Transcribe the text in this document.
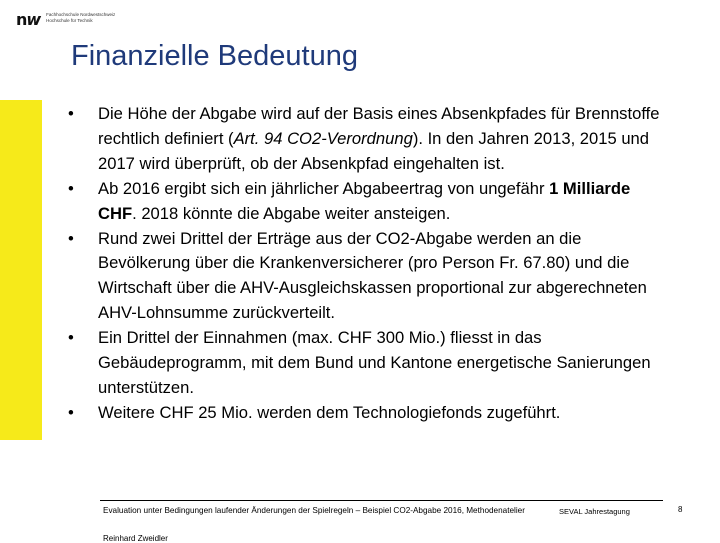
nw Fachhochschule Nordwestschweiz
Hochschule für Technik
Finanzielle Bedeutung
• Die Höhe der Abgabe wird auf der Basis eines Absenkpfades für Brennstoffe rechtlich definiert (Art. 94 CO2-Verordnung). In den Jahren 2013, 2015 und 2017 wird überprüft, ob der Absenkpfad eingehalten ist.
• Ab 2016 ergibt sich ein jährlicher Abgabeertrag von ungefähr 1 Milliarde CHF. 2018 könnte die Abgabe weiter ansteigen.
• Rund zwei Drittel der Erträge aus der CO2-Abgabe werden an die Bevölkerung über die Krankenversicherer (pro Person Fr. 67.80) und die Wirtschaft über die AHV-Ausgleichskassen proportional zur abgerechneten AHV-Lohnsumme zurückverteilt.
• Ein Drittel der Einnahmen (max. CHF 300 Mio.) fliesst in das Gebäudeprogramm, mit dem Bund und Kantone energetische Sanierungen unterstützen.
• Weitere CHF 25 Mio. werden dem Technologiefonds zugeführt.
Evaluation unter Bedingungen laufender Änderungen der Spielregeln – Beispiel CO2-Abgabe 2016, Methodenatelier	SEVAL Jahrestagung	8
Reinhard Zweidler
